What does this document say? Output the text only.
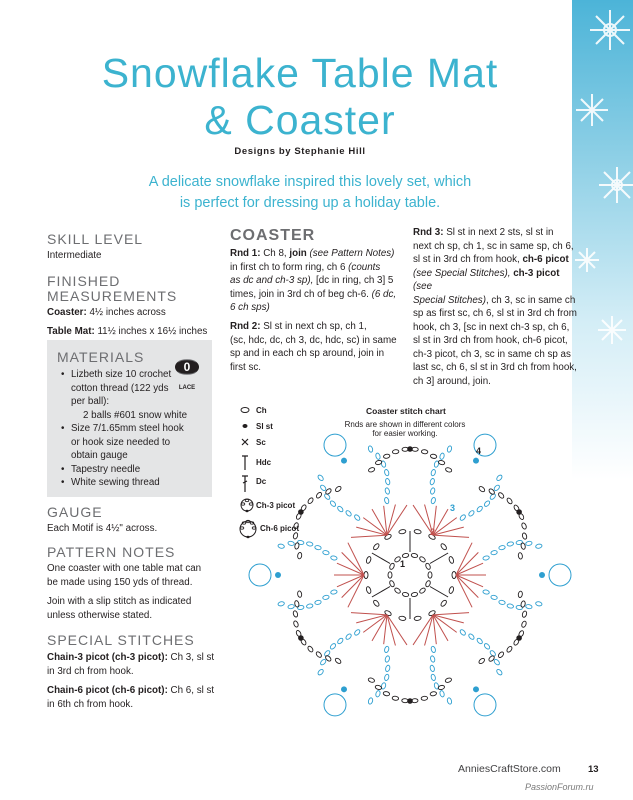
Snowflake Table Mat
& Coaster
Designs by Stephanie Hill
A delicate snowflake inspired this lovely set, which
is perfect for dressing up a holiday table.
SKILL LEVEL
Intermediate
FINISHED
MEASUREMENTS
Coaster: 4½ inches across
Table Mat: 11½ inches x 16½ inches
MATERIALS
• Lizbeth size 10 crochet
cotton thread (122 yds
per ball):
2 balls #601 snow white
• Size 7/1.65mm steel hook
or hook size needed to
obtain gauge
• Tapestry needle
• White sewing thread
0
LACE
GAUGE
Each Motif is 4½" across.
PATTERN NOTES
One coaster with one table mat can
be made using 150 yds of thread.
Join with a slip stitch as indicated
unless otherwise stated.
SPECIAL STITCHES
Chain-3 picot (ch-3 picot): Ch 3, sl st
in 3rd ch from hook.
Chain-6 picot (ch-6 picot): Ch 6, sl st
in 6th ch from hook.
COASTER
Rnd 1: Ch 8, join (see Pattern Notes)
in first ch to form ring, ch 6 (counts
as dc and ch-3 sp), [dc in ring, ch 3] 5
times, join in 3rd ch of beg ch-6. (6 dc,
6 ch sps)
Rnd 2: Sl st in next ch sp, ch 1,
(sc, hdc, dc, ch 3, dc, hdc, sc) in same
sp and in each ch sp around, join in
first sc.
Rnd 3: Sl st in next 2 sts, sl st in
next ch sp, ch 1, sc in same sp, ch 6,
sl st in 3rd ch from hook, ch-6 picot
(see Special Stitches), ch-3 picot (see
Special Stitches), ch 3, sc in same ch
sp as first sc, ch 6, sl st in 3rd ch from
hook, ch 3, [sc in next ch-3 sp, ch 6,
sl st in 3rd ch from hook, ch-6 picot,
ch-3 picot, ch 3, sc in same ch sp as
last sc, ch 6, sl st in 3rd ch from hook,
ch 3] around, join.
1
2
3
4
Ch
Sl st
Sc
Hdc
Dc
Ch-3 picot
Ch-6 picot
Coaster stitch chart
Rnds are shown in different colors
for easier working.
AnniesCraftStore.com	13
PassionForum.ru
